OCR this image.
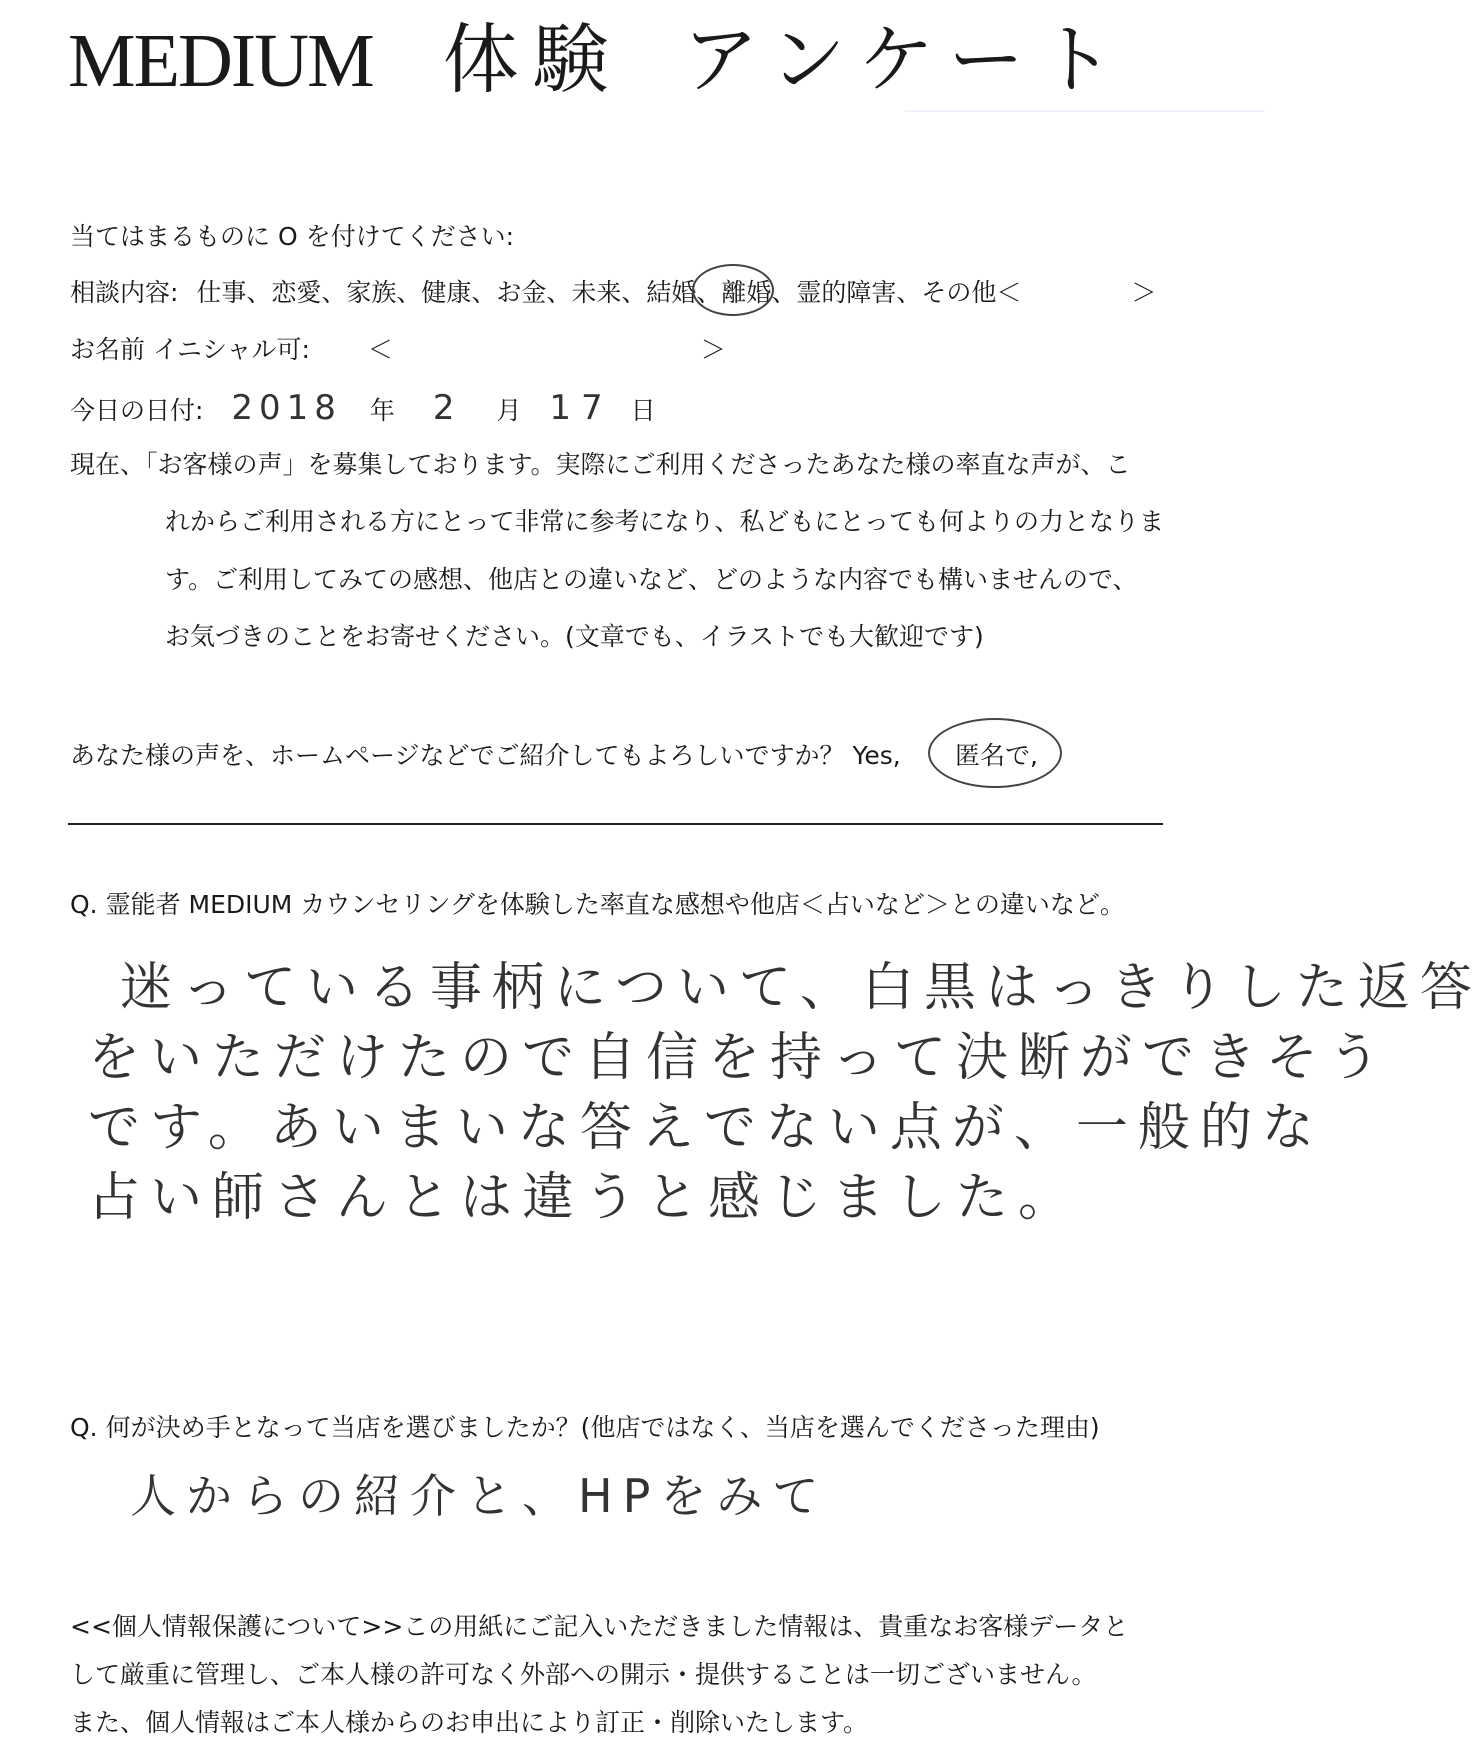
MEDIUM 体験 アンケート
当てはまるものに O を付けてください:
相談内容: 仕事、恋愛、家族、健康、お金、未来、結婚、離婚、霊的障害、その他＜	＞
お名前 イニシャル可: ＜	＞
今日の日付: 2018 年 2 月 17 日
現在、「お客様の声」を募集しております。実際にご利用くださったあなた様の率直な声が、こ
れからご利用される方にとって非常に参考になり、私どもにとっても何よりの力となりま
す。ご利用してみての感想、他店との違いなど、どのような内容でも構いませんので、
お気づきのことをお寄せください。(文章でも、イラストでも大歓迎です)
あなた様の声を、ホームページなどでご紹介してもよろしいですか？ Yes, 匿名で,
Q. 霊能者 MEDIUM カウンセリングを体験した率直な感想や他店＜占いなど＞との違いなど。
迷っている事柄について、白黒はっきりした返答
をいただけたので自信を持って決断ができそう
です。あいまいな答えでない点が、一般的な
占い師さんとは違うと感じました。
Q. 何が決め手となって当店を選びましたか？(他店ではなく、当店を選んでくださった理由)
人からの紹介と、HPをみて
<<個人情報保護について>>この用紙にご記入いただきました情報は、貴重なお客様データと
して厳重に管理し、ご本人様の許可なく外部への開示・提供することは一切ございません。
また、個人情報はご本人様からのお申出により訂正・削除いたします。
